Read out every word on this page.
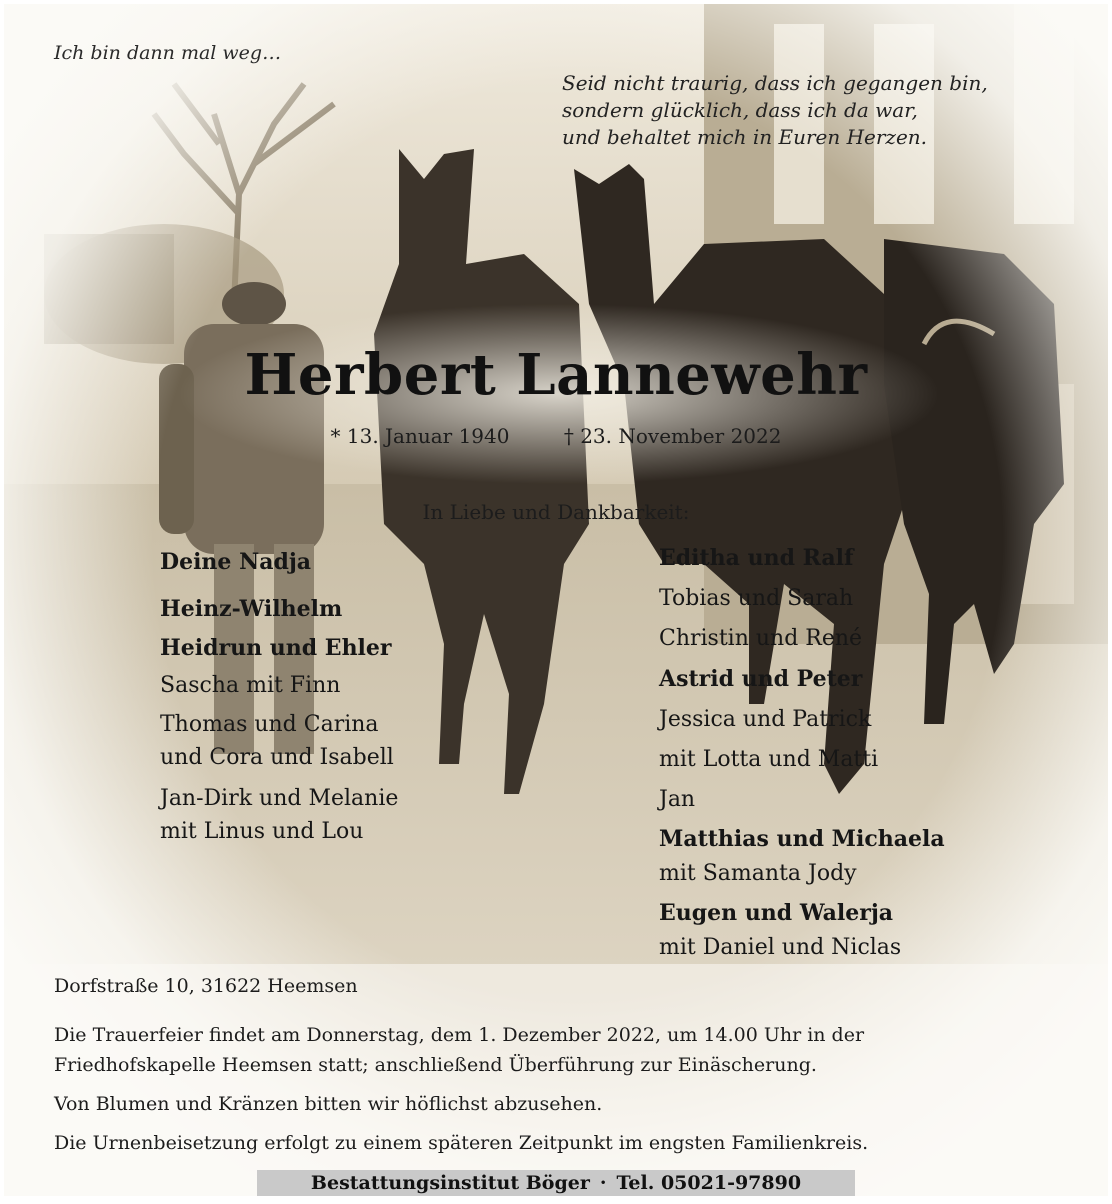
Ich bin dann mal weg…
Seid nicht traurig, dass ich gegangen bin,
sondern glücklich, dass ich da war,
und behaltet mich in Euren Herzen.
Herbert Lannewehr
* 13. Januar 1940	† 23. November 2022
In Liebe und Dankbarkeit:
Deine Nadja
Heinz-Wilhelm
Heidrun und Ehler
Sascha mit Finn
Thomas und Carina
und Cora und Isabell
Jan-Dirk und Melanie
mit Linus und Lou
Editha und Ralf
Tobias und Sarah
Christin und René
Astrid und Peter
Jessica und Patrick
mit Lotta und Matti
Jan
Matthias und Michaela
mit Samanta Jody
Eugen und Walerja
mit Daniel und Niclas
Dorfstraße 10, 31622 Heemsen
Die Trauerfeier findet am Donnerstag, dem 1. Dezember 2022, um 14.00 Uhr in der
Friedhofskapelle Heemsen statt; anschließend Überführung zur Einäscherung.
Von Blumen und Kränzen bitten wir höflichst abzusehen.
Die Urnenbeisetzung erfolgt zu einem späteren Zeitpunkt im engsten Familienkreis.
Bestattungsinstitut Böger · Tel. 05021-97890
